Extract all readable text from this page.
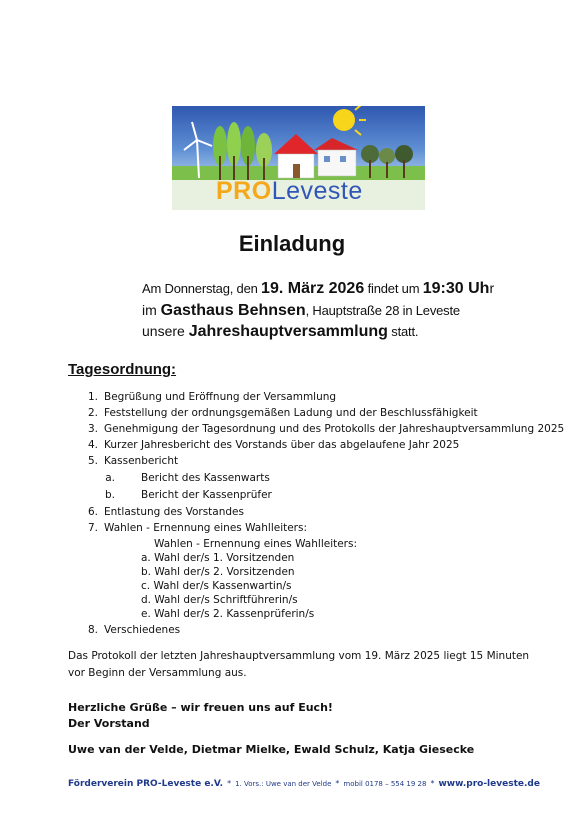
PROLeveste
Einladung
Am Donnerstag, den 19. März 2026 findet um 19:30 Uhr
im Gasthaus Behnsen, Hauptstraße 28 in Leveste
unsere Jahreshauptversammlung statt.
Tagesordnung:
1. Begrüßung und Eröffnung der Versammlung
2. Feststellung der ordnungsgemäßen Ladung und der Beschlussfähigkeit
3. Genehmigung der Tagesordnung und des Protokolls der Jahreshauptversammlung 2025
4. Kurzer Jahresbericht des Vorstands über das abgelaufene Jahr 2025
5. Kassenbericht
a. Bericht des Kassenwarts
b. Bericht der Kassenprüfer
6. Entlastung des Vorstandes
7. Wahlen - Ernennung eines Wahlleiters:
Wahlen - Ernennung eines Wahlleiters:
a. Wahl der/s 1. Vorsitzenden
b. Wahl der/s 2. Vorsitzenden
c. Wahl der/s Kassenwartin/s
d. Wahl der/s Schriftführerin/s
e. Wahl der/s 2. Kassenprüferin/s
8. Verschiedenes
Das Protokoll der letzten Jahreshauptversammlung vom 19. März 2025 liegt 15 Minuten vor Beginn der Versammlung aus.
Herzliche Grüße – wir freuen uns auf Euch!
Der Vorstand
Uwe van der Velde, Dietmar Mielke, Ewald Schulz, Katja Giesecke
Förderverein PRO-Leveste e.V. * 1. Vors.: Uwe van der Velde * mobil 0178 – 554 19 28 * www.pro-leveste.de
